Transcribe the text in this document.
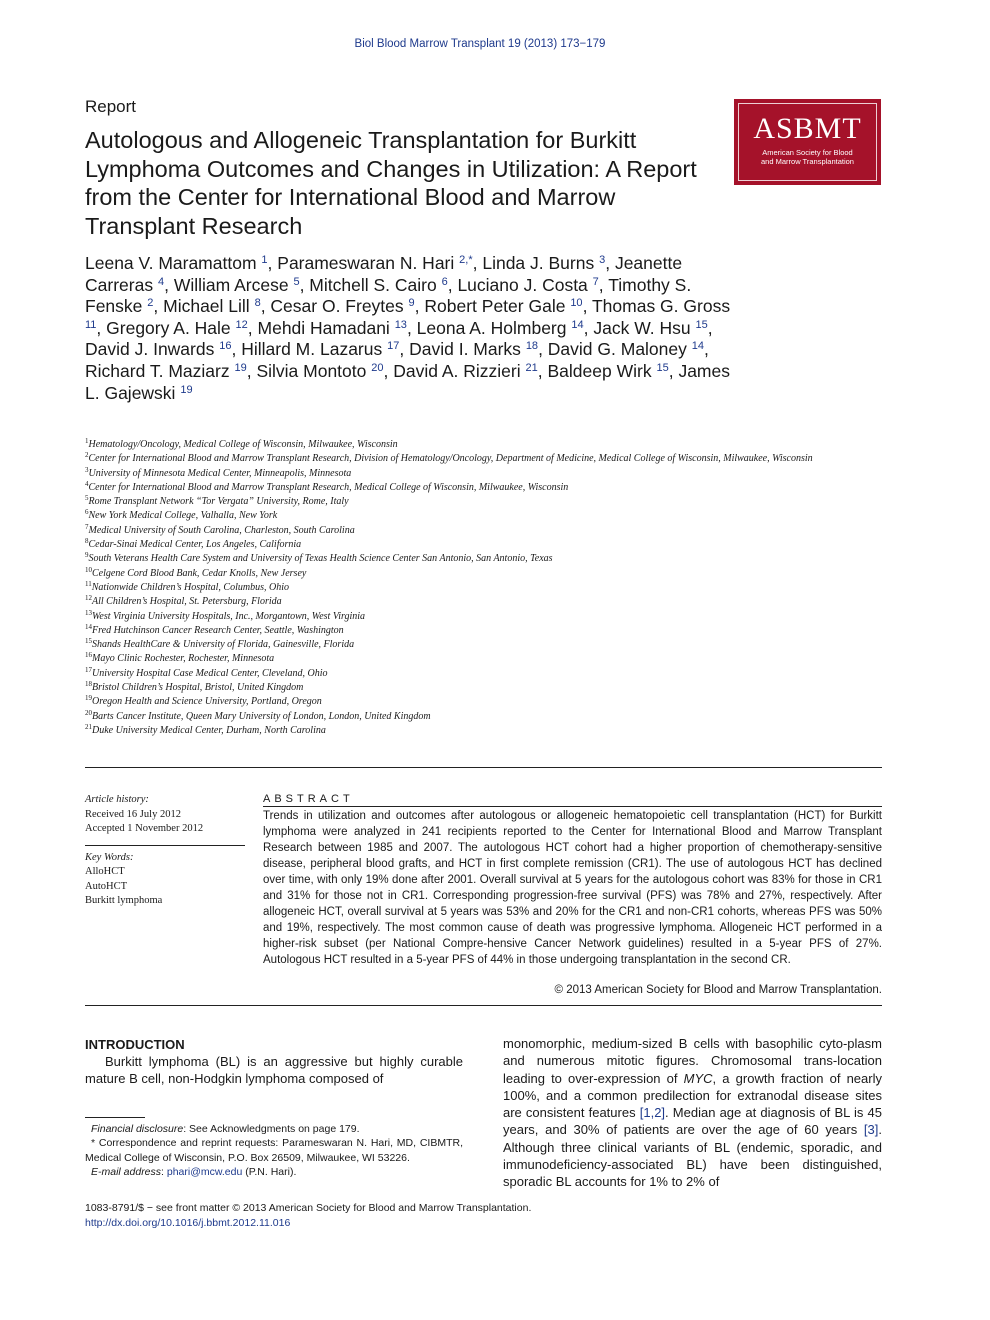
Biol Blood Marrow Transplant 19 (2013) 173−179
Report
Autologous and Allogeneic Transplantation for Burkitt Lymphoma Outcomes and Changes in Utilization: A Report from the Center for International Blood and Marrow Transplant Research
ASBMT
American Society for Blood
and Marrow Transplantation
Leena V. Maramattom $^1$, Parameswaran N. Hari $^{2,*}$, Linda J. Burns $^3$, Jeanette Carreras $^4$, William Arcese $^5$, Mitchell S. Cairo $^6$, Luciano J. Costa $^7$, Timothy S. Fenske $^2$, Michael Lill $^8$, Cesar O. Freytes $^9$, Robert Peter Gale $^{10}$, Thomas G. Gross $^{11}$, Gregory A. Hale $^{12}$, Mehdi Hamadani $^{13}$, Leona A. Holmberg $^{14}$, Jack W. Hsu $^{15}$, David J. Inwards $^{16}$, Hillard M. Lazarus $^{17}$, David I. Marks $^{18}$, David G. Maloney $^{14}$, Richard T. Maziarz $^{19}$, Silvia Montoto $^{20}$, David A. Rizzieri $^{21}$, Baldeep Wirk $^{15}$, James L. Gajewski $^{19}$
$^1$Hematology/Oncology, Medical College of Wisconsin, Milwaukee, Wisconsin
$^2$Center for International Blood and Marrow Transplant Research, Division of Hematology/Oncology, Department of Medicine, Medical College of Wisconsin, Milwaukee, Wisconsin
$^3$University of Minnesota Medical Center, Minneapolis, Minnesota
$^4$Center for International Blood and Marrow Transplant Research, Medical College of Wisconsin, Milwaukee, Wisconsin
$^5$Rome Transplant Network “Tor Vergata” University, Rome, Italy
$^6$New York Medical College, Valhalla, New York
$^7$Medical University of South Carolina, Charleston, South Carolina
$^8$Cedar-Sinai Medical Center, Los Angeles, California
$^9$South Veterans Health Care System and University of Texas Health Science Center San Antonio, San Antonio, Texas
$^{10}$Celgene Cord Blood Bank, Cedar Knolls, New Jersey
$^{11}$Nationwide Children’s Hospital, Columbus, Ohio
$^{12}$All Children’s Hospital, St. Petersburg, Florida
$^{13}$West Virginia University Hospitals, Inc., Morgantown, West Virginia
$^{14}$Fred Hutchinson Cancer Research Center, Seattle, Washington
$^{15}$Shands HealthCare & University of Florida, Gainesville, Florida
$^{16}$Mayo Clinic Rochester, Rochester, Minnesota
$^{17}$University Hospital Case Medical Center, Cleveland, Ohio
$^{18}$Bristol Children’s Hospital, Bristol, United Kingdom
$^{19}$Oregon Health and Science University, Portland, Oregon
$^{20}$Barts Cancer Institute, Queen Mary University of London, London, United Kingdom
$^{21}$Duke University Medical Center, Durham, North Carolina
Article history:
Received 16 July 2012
Accepted 1 November 2012
Key Words:
AlloHCT
AutoHCT
Burkitt lymphoma
ABSTRACT

Trends in utilization and outcomes after autologous or allogeneic hematopoietic cell transplantation (HCT) for Burkitt lymphoma were analyzed in 241 recipients reported to the Center for International Blood and Marrow Transplant Research between 1985 and 2007. The autologous HCT cohort had a higher proportion of chemotherapy-sensitive disease, peripheral blood grafts, and HCT in first complete remission (CR1). The use of autologous HCT has declined over time, with only 19% done after 2001. Overall survival at 5 years for the autologous cohort was 83% for those in CR1 and 31% for those not in CR1. Corresponding progression-free survival (PFS) was 78% and 27%, respectively. After allogeneic HCT, overall survival at 5 years was 53% and 20% for the CR1 and non-CR1 cohorts, whereas PFS was 50% and 19%, respectively. The most common cause of death was progressive lymphoma. Allogeneic HCT performed in a higher-risk subset (per National Compre-hensive Cancer Network guidelines) resulted in a 5-year PFS of 27%. Autologous HCT resulted in a 5-year PFS of 44% in those undergoing transplantation in the second CR.

© 2013 American Society for Blood and Marrow Transplantation.
INTRODUCTION

Burkitt lymphoma (BL) is an aggressive but highly curable mature B cell, non-Hodgkin lymphoma composed of

monomorphic, medium-sized B cells with basophilic cyto-plasm and numerous mitotic figures. Chromosomal trans-location leading to over-expression of MYC, a growth fraction of nearly 100%, and a common predilection for extranodal disease sites are consistent features [1,2]. Median age at diagnosis of BL is 45 years, and 30% of patients are over the age of 60 years [3]. Although three clinical variants of BL (endemic, sporadic, and immunodeficiency-associated BL) have been distinguished, sporadic BL accounts for 1% to 2% of

Financial disclosure: See Acknowledgments on page 179.
* Correspondence and reprint requests: Parameswaran N. Hari, MD, CIBMTR, Medical College of Wisconsin, P.O. Box 26509, Milwaukee, WI 53226.
E-mail address: phari@mcw.edu (P.N. Hari).
1083-8791/$ − see front matter © 2013 American Society for Blood and Marrow Transplantation.
http://dx.doi.org/10.1016/j.bbmt.2012.11.016
